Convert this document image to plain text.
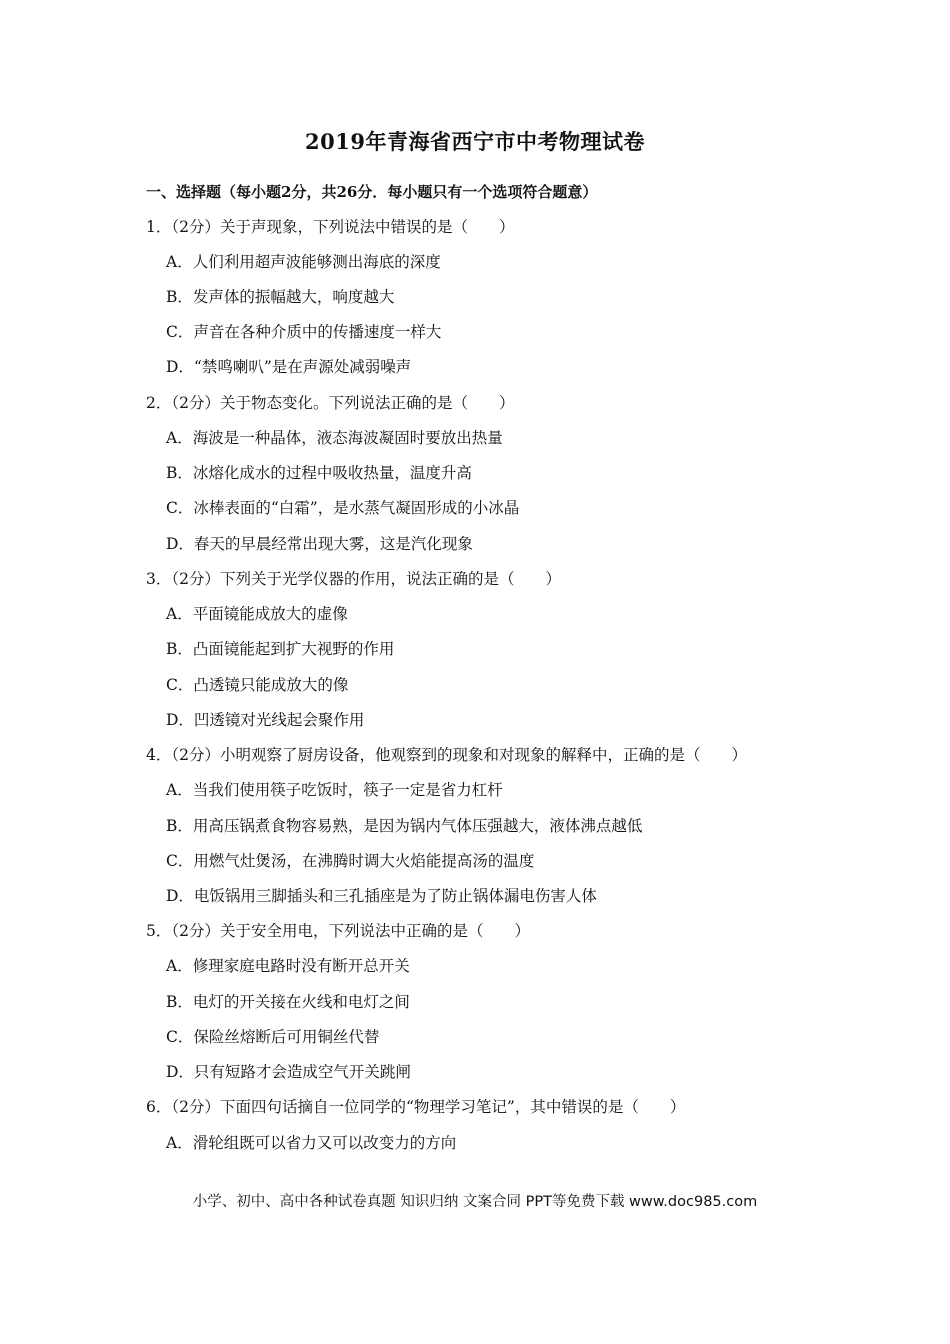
2019年青海省西宁市中考物理试卷
一、选择题（每小题2分，共26分．每小题只有一个选项符合题意）
1．（2分）关于声现象，下列说法中错误的是（　　）
A．人们利用超声波能够测出海底的深度
B．发声体的振幅越大，响度越大
C．声音在各种介质中的传播速度一样大
D．“禁鸣喇叭”是在声源处减弱噪声
2．（2分）关于物态变化。下列说法正确的是（　　）
A．海波是一种晶体，液态海波凝固时要放出热量
B．冰熔化成水的过程中吸收热量，温度升高
C．冰棒表面的“白霜”，是水蒸气凝固形成的小冰晶
D．春天的早晨经常出现大雾，这是汽化现象
3．（2分）下列关于光学仪器的作用，说法正确的是（　　）
A．平面镜能成放大的虚像
B．凸面镜能起到扩大视野的作用
C．凸透镜只能成放大的像
D．凹透镜对光线起会聚作用
4．（2分）小明观察了厨房设备，他观察到的现象和对现象的解释中，正确的是（　　）
A．当我们使用筷子吃饭时，筷子一定是省力杠杆
B．用高压锅煮食物容易熟，是因为锅内气体压强越大，液体沸点越低
C．用燃气灶煲汤，在沸腾时调大火焰能提高汤的温度
D．电饭锅用三脚插头和三孔插座是为了防止锅体漏电伤害人体
5．（2分）关于安全用电，下列说法中正确的是（　　）
A．修理家庭电路时没有断开总开关
B．电灯的开关接在火线和电灯之间
C．保险丝熔断后可用铜丝代替
D．只有短路才会造成空气开关跳闸
6．（2分）下面四句话摘自一位同学的“物理学习笔记”，其中错误的是（　　）
A．滑轮组既可以省力又可以改变力的方向
小学、初中、高中各种试卷真题 知识归纳 文案合同 PPT等免费下载 www.doc985.com
